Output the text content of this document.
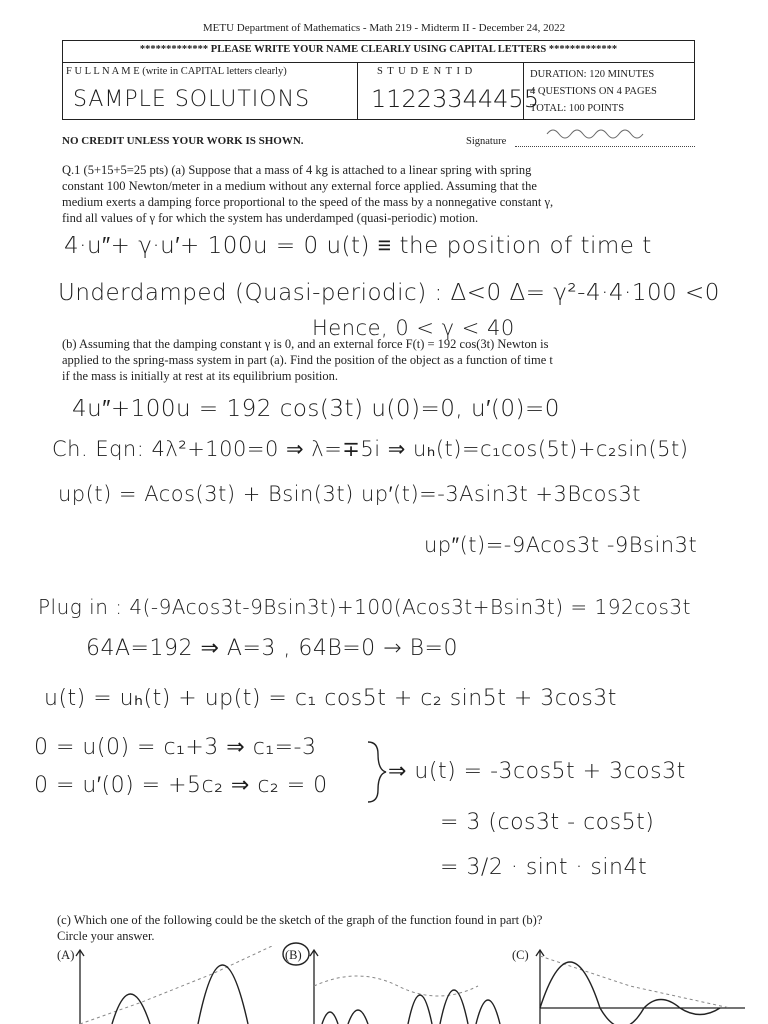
METU Department of Mathematics - Math 219 - Midterm II - December 24, 2022
************* PLEASE WRITE YOUR NAME CLEARLY USING CAPITAL LETTERS *************
F U L L N A M E (write in CAPITAL letters clearly)
SAMPLE SOLUTIONS
S T U D E N T I D
11223344455
DURATION: 120 MINUTES
4 QUESTIONS ON 4 PAGES
TOTAL: 100 POINTS
NO CREDIT UNLESS YOUR WORK IS SHOWN.	Signature
Q.1 (5+15+5=25 pts) (a) Suppose that a mass of 4 kg is attached to a linear spring with spring
constant 100 Newton/meter in a medium without any external force applied. Assuming that the
medium exerts a damping force proportional to the speed of the mass by a nonnegative constant γ,
find all values of γ for which the system has underdamped (quasi-periodic) motion.
4·u″+ γ·u′+ 100u = 0 u(t) ≡ the position of time t
Underdamped (Quasi-periodic) : Δ<0 Δ= γ²-4·4·100 <0
Hence, 0 < γ < 40
(b) Assuming that the damping constant γ is 0, and an external force F(t) = 192 cos(3t) Newton is
applied to the spring-mass system in part (a). Find the position of the object as a function of time t
if the mass is initially at rest at its equilibrium position.
4u″+100u = 192 cos(3t) u(0)=0, u′(0)=0
Ch. Eqn: 4λ²+100=0 ⇒ λ=∓5i ⇒ uₕ(t)=c₁cos(5t)+c₂sin(5t)
up(t) = Acos(3t) + Bsin(3t) up′(t)=-3Asin3t +3Bcos3t
up″(t)=-9Acos3t -9Bsin3t
Plug in : 4(-9Acos3t-9Bsin3t)+100(Acos3t+Bsin3t) = 192cos3t
64A=192 ⇒ A=3 , 64B=0 → B=0
u(t) = uₕ(t) + up(t) = c₁ cos5t + c₂ sin5t + 3cos3t
0 = u(0) = c₁+3 ⇒ c₁=-3
0 = u′(0) = +5c₂ ⇒ c₂ = 0
⇒ u(t) = -3cos5t + 3cos3t
= 3 (cos3t - cos5t)
= 3/2 · sint · sin4t
(c) Which one of the following could be the sketch of the graph of the function found in part (b)?
Circle your answer.
(A)	(B)	(C)
